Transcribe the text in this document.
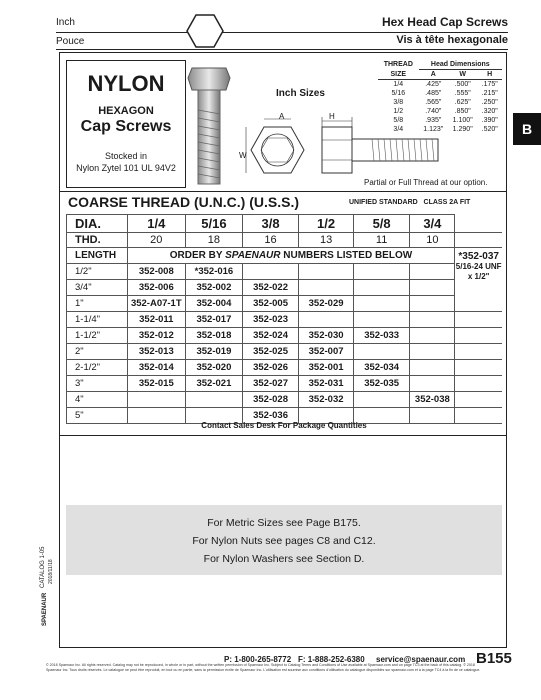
Inch
Pouce
Hex Head Cap Screws
Vis à tête hexagonale
B
NYLON
HEXAGON
Cap Screws
Stocked in
Nylon Zytel 101 UL 94V2
Inch Sizes
A
W
H
Partial or Full Thread at our option.
THREAD	Head Dimensions		
SIZE	A	W	H
1/4	.425"	.500"	.175"
5/16	.485"	.555"	.215"
3/8	.565"	.625"	.250"
1/2	.740"	.850"	.320"
5/8	.935"	1.100"	.390"
3/4	1.123"	1.290"	.520"
COARSE THREAD (U.N.C.) (U.S.S.)	UNIFIED STANDARD   CLASS 2A FIT
DIA.	1/4	5/16	3/8	1/2	5/8	3/4	
THD.	20	18	16	13	11	10	
LENGTH	ORDER BY SPAENAUR NUMBERS LISTED BELOW						*352-037
5/16-24 UNF
x 1/2"

1/2"	352-008	*352-016					
3/4"	352-006	352-002	352-022				
1"	352-A07-1T	352-004	352-005	352-029			
1-1/4"	352-011	352-017	352-023				
1-1/2"	352-012	352-018	352-024	352-030	352-033		
2"	352-013	352-019	352-025	352-007			
2-1/2"	352-014	352-020	352-026	352-001	352-034		
3"	352-015	352-021	352-027	352-031	352-035		
4"			352-028	352-032		352-038	
5"			352-036				
Contact Sales Desk For Package Quantities
For Metric Sizes see Page B175.
For Nylon Nuts see pages C8 and C12.
For Nylon Washers see Section D.
CATALOG 1-05 2018/11/18
SPAENAUR
P: 1-800-265-8772 F: 1-888-252-6380 service@spaenaur.com B155
© 2018 Spaenaur Inc. All rights reserved. Catalog may not be reproduced, in whole or in part, without the written permission of Spaenaur Inc. Subject to Catalog Terms and Conditions of Use available at Spaenaur.com and on page TC3 at the back of this catalog. © 2018 Spaenaur Inc. Tous droits réservés. Le catalogue ne peut être reproduit, en tout ou en partie, sans la permission écrite de Spaenaur Inc. L'utilisation est soumise aux conditions d'utilisation du catalogue disponibles sur spaenaur.com et à la page TC4 à la fin de ce catalogue.
